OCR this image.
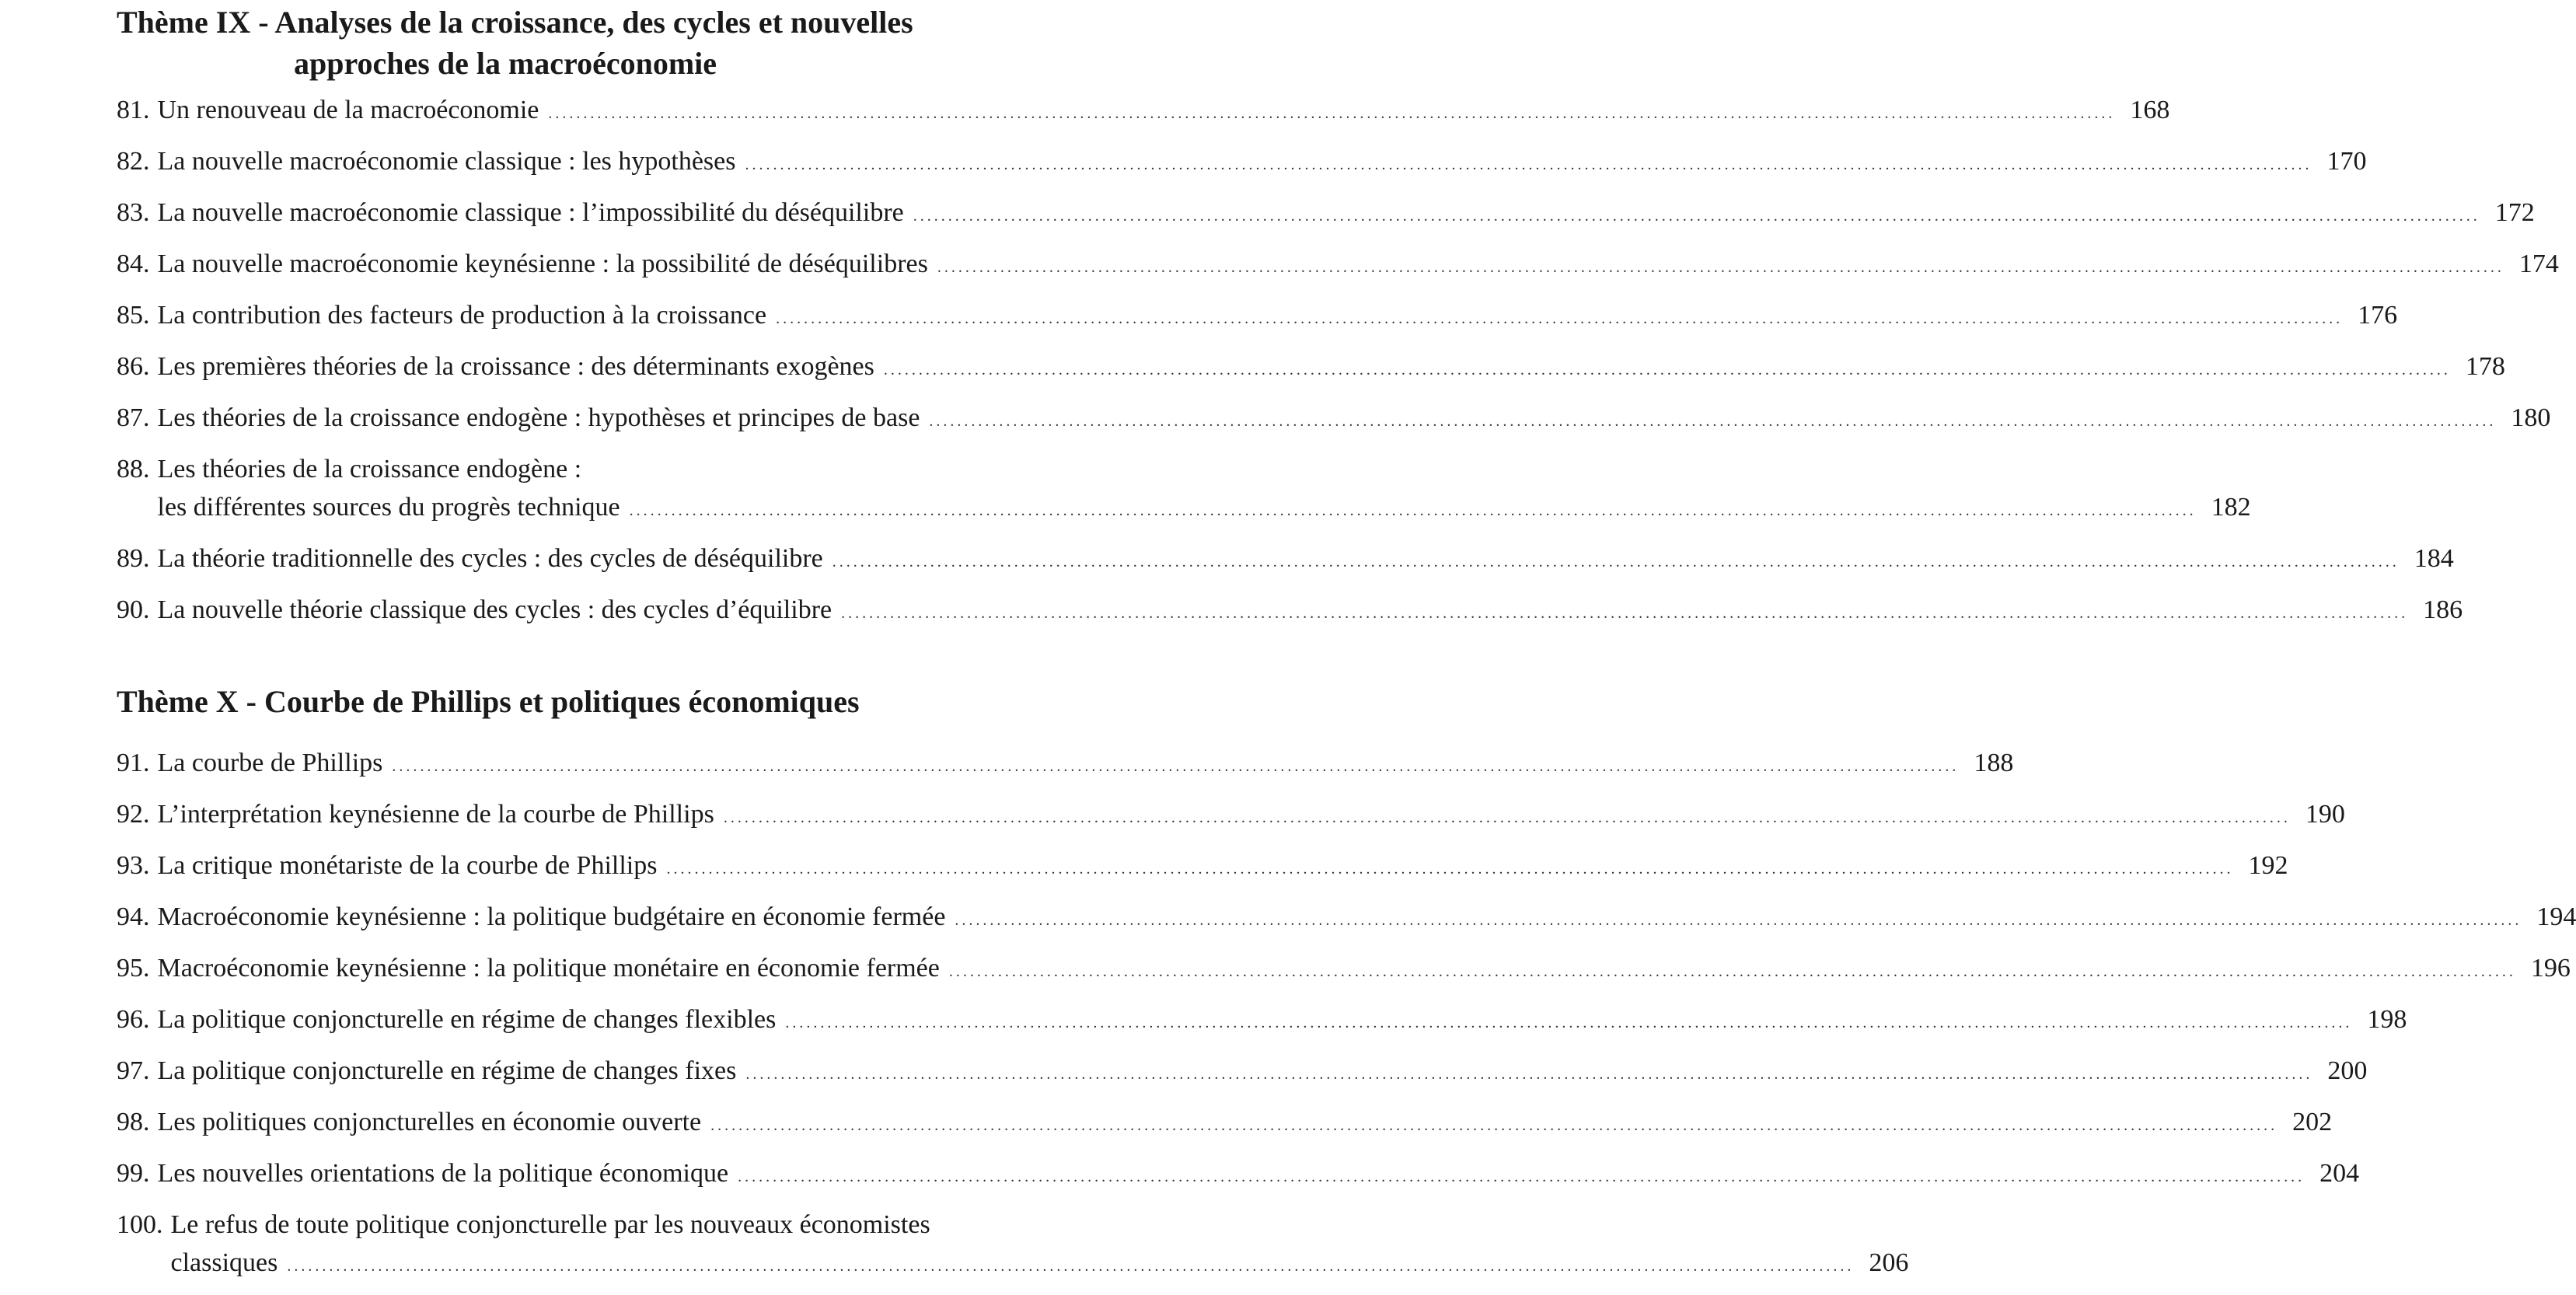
Thème IX - Analyses de la croissance, des cycles et nouvelles
approches de la macroéconomie
81. Un renouveau de la macroéconomie .....	168
82. La nouvelle macroéconomie classique : les hypothèses .....	170
83. La nouvelle macroéconomie classique : l’impossibilité du déséquilibre .....	172
84. La nouvelle macroéconomie keynésienne : la possibilité de déséquilibres .....	174
85. La contribution des facteurs de production à la croissance .....	176
86. Les premières théories de la croissance : des déterminants exogènes .....	178
87. Les théories de la croissance endogène : hypothèses et principes de base .....	180
88. Les théories de la croissance endogène :
les différentes sources du progrès technique .....	182
89. La théorie traditionnelle des cycles : des cycles de déséquilibre .....	184
90. La nouvelle théorie classique des cycles : des cycles d’équilibre .....	186
Thème X - Courbe de Phillips et politiques économiques
91. La courbe de Phillips .....	188
92. L’interprétation keynésienne de la courbe de Phillips .....	190
93. La critique monétariste de la courbe de Phillips .....	192
94. Macroéconomie keynésienne : la politique budgétaire en économie fermée .....	194
95. Macroéconomie keynésienne : la politique monétaire en économie fermée .....	196
96. La politique conjoncturelle en régime de changes flexibles .....	198
97. La politique conjoncturelle en régime de changes fixes .....	200
98. Les politiques conjoncturelles en économie ouverte .....	202
99. Les nouvelles orientations de la politique économique .....	204
100. Le refus de toute politique conjoncturelle par les nouveaux économistes
classiques .....	206
